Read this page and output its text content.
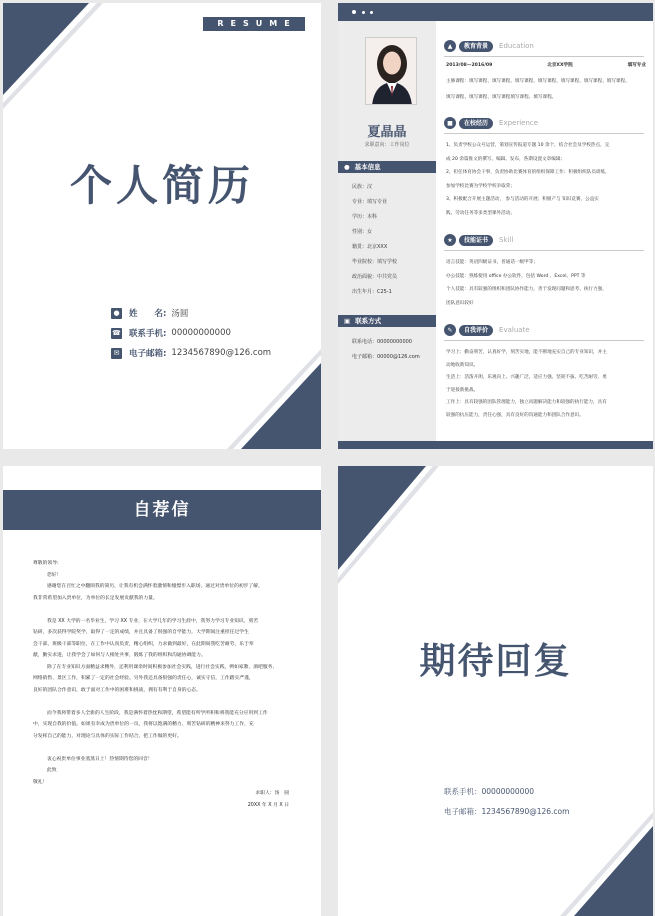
RESUME
个人简历
● 姓　　名: 汤圆
☎ 联系手机: 00000000000
✉	电子邮箱: 1234567890@126.com
夏晶晶
求职意向：工作岗位
● 基本信息
民族：汉
专业：填写专业
学历：本科
性别：女
籍贯：北京XXX
毕业院校：填写学校
政治面貌：中共党员
出生年月：C25-1
▣ 联系方式
联系电话：00000000000
电子邮箱：00000@126.com
▲	教育背景	Education
2013/08—2016/09	北京XX学院	填写专业
主修课程：填写课程、填写课程、填写课程、填写课程、填写课程、填写课程、填写课程、
填写课程、填写课程、填写课程填写课程、填写课程。
■	在校经历	Experience
1、负责学校公众号运营，策划宣传报道专题 10 余个，结合社会及学校热点，完
成 20 余篇推文的撰写、编辑、发布，各期设置文章编辑；
2、担任体育协会干事，负责协助比赛体育的组织保障工作；积极组织队员训练，
参加学校比赛为学校学校争取荣；
3、积极配合开展主题活动， 参与活动的开展；积极产与 知识竞赛、公益实
践、劳动任务等多类型课外活动。
★	技能证书	Skill
语言技能：英语四级证书，普通话一级甲等；
办公技能：熟练使用 office 办公软件，包括 Word 、Excel、PPT 等
个人技能：具有较强的组织和团队协作能力，善于发现问题和思考、执行力强，
团队意识较好
✎	自我评价	Evaluate
学习上：勤奋刻苦，认真好学，刻苦实地，能不断地充实自己的专业知识，并主
动地收新知识。
生活上：活泼开朗、乐观向上、兴趣广泛、适应力强、坚韧不拔、吃苦耐劳、勇
于迎接新挑战。
工作上：具有较强的团队管理能力，独立问题解决能力和较强的执行能力，具有
较强的抗压能力，责任心强，具有良好的沟通能力和团队合作意识。
自荐信

尊敬的领导:

您好！

感谢您在百忙之中翻阅我的简历，让我有机会满怀着激情和憧憬步入职场，通过对贵单位的初步了解，

我非常希望加入贵单位，为单位的长足发展贡献我的力量。

我是 XX 大学的一名毕业生，学习 XX 专业，在大学几年的学习生涯中，我努力学习专业知识，刻苦

钻研，多次获得学院奖学，取得了一定的成绩，并且具备了很强的自学能力，大学期间注重担任过学生

会干部，班级干部等职位，在工作中认真负责，精心组织，力求做到最好，在此期间我吃苦耐劳，乐于奉

献，勤实求进，让我学会了如何与人相处共事，锻炼了我的组织和沟通协调能力。

除了在专业知识方面精益求精外，还利用课余时间积极参加社会实践，进行社会实践，例如家教、酒吧服务、

网络销售、景区工作，积累了一定的社会经验。另外我还具备很强的责任心，诚实守信，工作踏实严谨，

良好的团队合作意识，敢于面对工作中的困难和挑战，拥有有利于自身的心态。

而今我将带着多人全新的人生阶段，我是满怀着热忱和期望，希望能有所学所积和将我能充分应用到工作

中，实现自我的价值。如果有幸成为贵单位的一员，我将以饱满的精力、刻苦钻研的精神来努力工作，充

分发挥自己的能力，对理论与具体的实际工作结合，把工作做的更好。

衷心祝贵单位事业蒸蒸日上！热情期待您的回音！

此致

敬礼！

求职人：汤　圆

20XX 年 X 月 X 日

期待回复
联系手机：00000000000
电子邮箱：1234567890@126.com
